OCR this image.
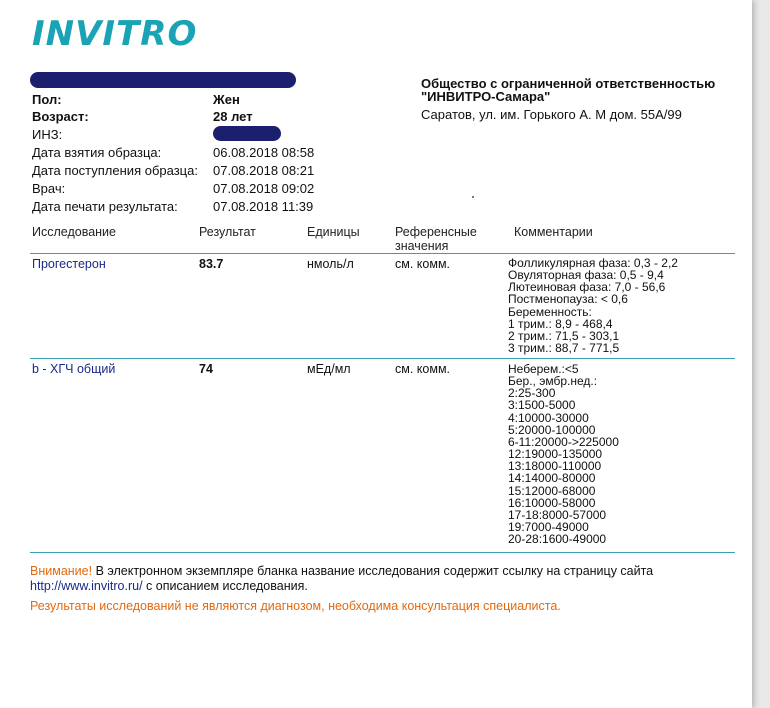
INVITRO
Пол:	Жен
Возраст:	28 лет
ИНЗ:
Дата взятия образца:	06.08.2018 08:58
Дата поступления образца: 07.08.2018 08:21
Врач:	07.08.2018 09:02
Дата печати результата:	07.08.2018 11:39
Общество с ограниченной ответственностью
"ИНВИТРО-Самара"
Саратов, ул. им. Горького А. М дом. 55А/99
Исследование	Результат	Единицы	Референсные
значения
Комментарии
Прогестерон	83.7	нмоль/л	см. комм.	Фолликулярная фаза: 0,3 - 2,2
Овуляторная фаза: 0,5 - 9,4
Лютеиновая фаза: 7,0 - 56,6
Постменопауза: < 0,6
Беременность:
1 трим.: 8,9 - 468,4
2 трим.: 71,5 - 303,1
3 трим.: 88,7 - 771,5
b - ХГЧ общий	74	мЕд/мл	см. комм.	Неберем.:<5
Бер., эмбр.нед.:
2:25-300
3:1500-5000
4:10000-30000
5:20000-100000
6-11:20000->225000
12:19000-135000
13:18000-110000
14:14000-80000
15:12000-68000
16:10000-58000
17-18:8000-57000
19:7000-49000
20-28:1600-49000
Внимание! В электронном экземпляре бланка название исследования содержит ссылку на страницу сайта
http://www.invitro.ru/ с описанием исследования.
Результаты исследований не являются диагнозом, необходима консультация специалиста.
